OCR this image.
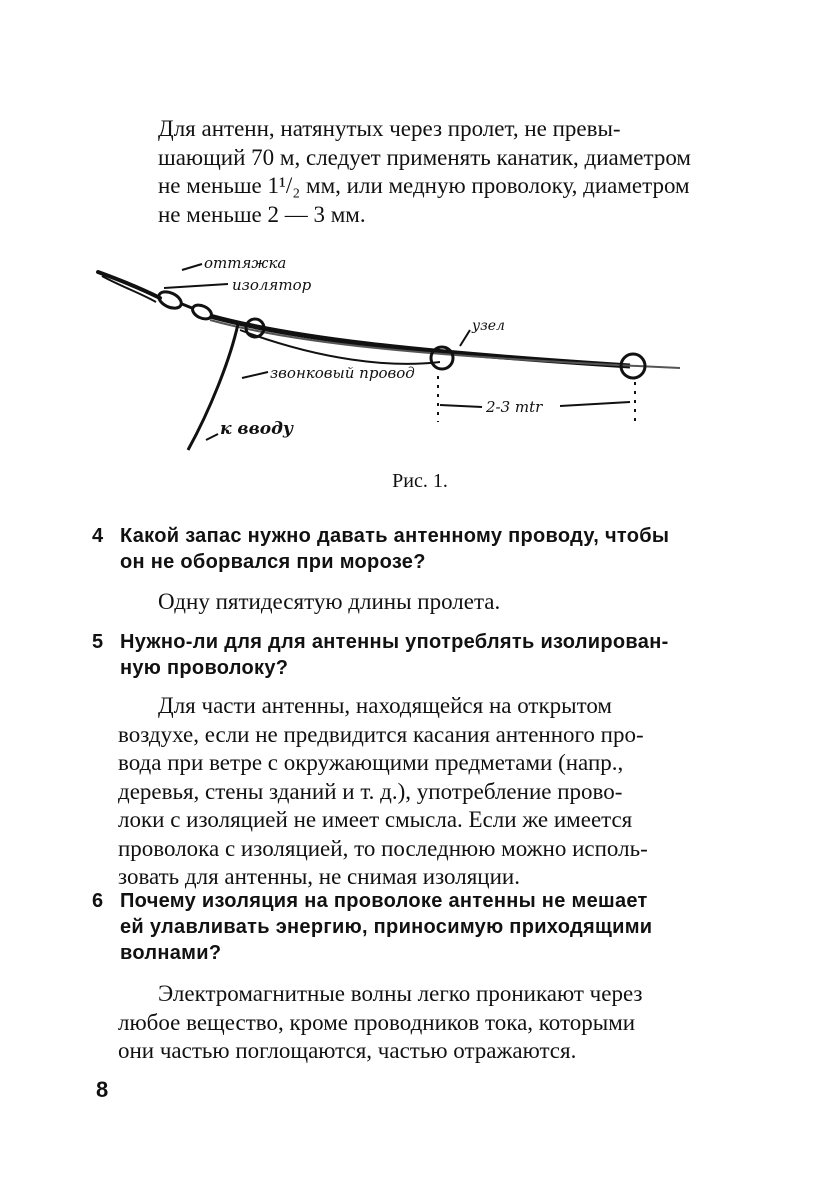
Для антенн, натянутых через пролет, не превы-
шающий 70 м, следует применять канатик, диаметром
не меньше 1¹/₂ мм, или медную проволоку, диаметром
не меньше 2 — 3 мм.
оттяжка
изолятор
узел
звонковый провод
к вводу
2-3 mtr
Рис. 1.
4 Какой запас нужно давать антенному проводу, чтобы
он не оборвался при морозе?
Одну пятидесятую длины пролета.
5 Нужно-ли для для антенны употреблять изолирован-
ную проволоку?
Для части антенны, находящейся на открытом
воздухе, если не предвидится касания антенного про-
вода при ветре с окружающими предметами (напр.,
деревья, стены зданий и т. д.), употребление прово-
локи с изоляцией не имеет смысла. Если же имеется
проволока с изоляцией, то последнюю можно исполь-
зовать для антенны, не снимая изоляции.
6 Почему изоляция на проволоке антенны не мешает
ей улавливать энергию, приносимую приходящими
волнами?
Электромагнитные волны легко проникают через
любое вещество, кроме проводников тока, которыми
они частью поглощаются, частью отражаются.
8
